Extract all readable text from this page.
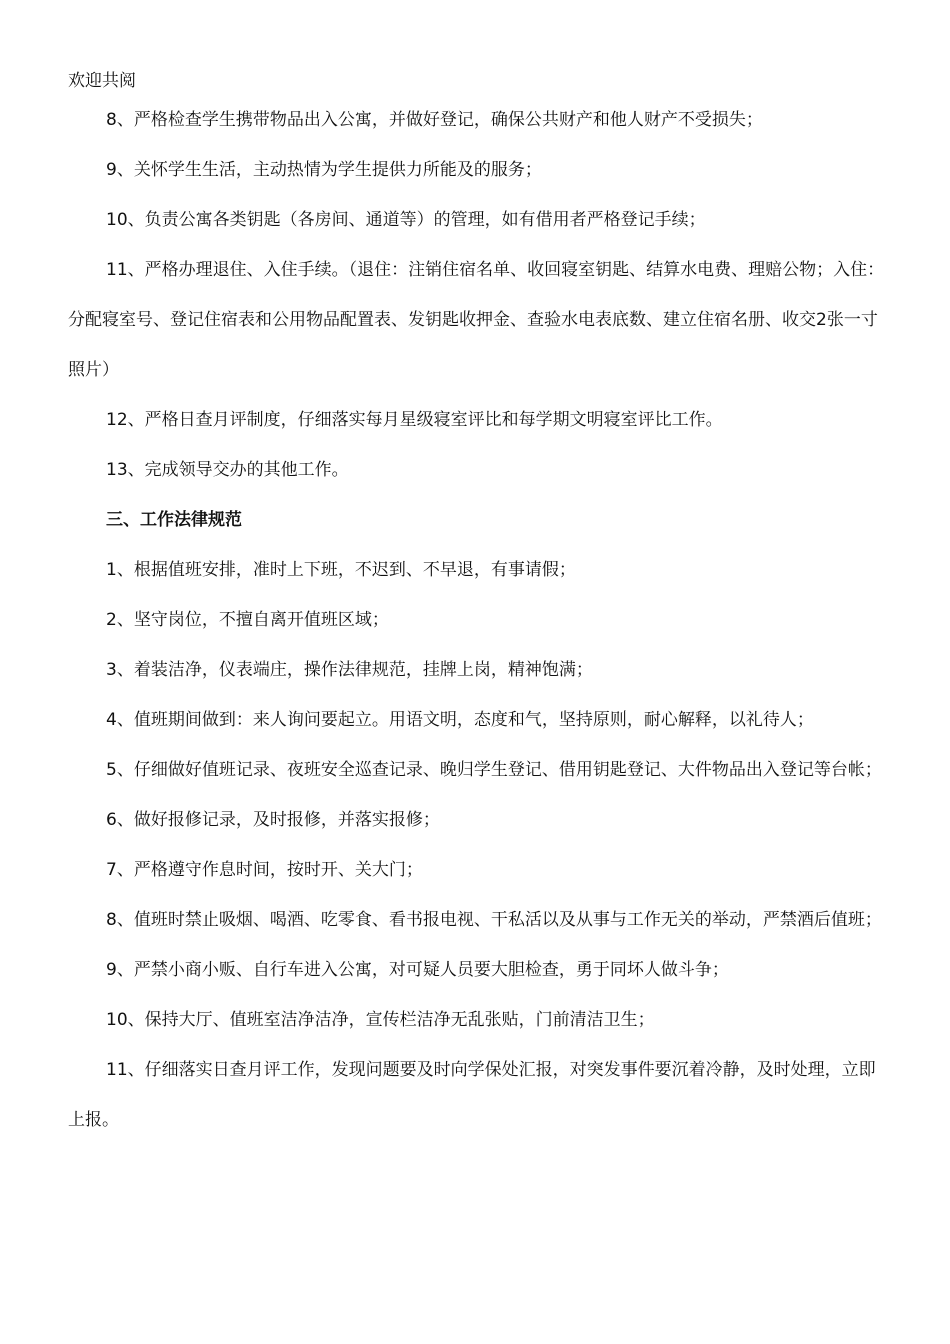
欢迎共阅

8、严格检查学生携带物品出入公寓，并做好登记，确保公共财产和他人财产不受损失；

9、关怀学生生活，主动热情为学生提供力所能及的服务；

10、负责公寓各类钥匙（各房间、通道等）的管理，如有借用者严格登记手续；

11、严格办理退住、入住手续。（退住：注销住宿名单、收回寝室钥匙、结算水电费、理赔公物；入住：分配寝室号、登记住宿表和公用物品配置表、发钥匙收押金、查验水电表底数、建立住宿名册、收交2张一寸照片）

12、严格日查月评制度，仔细落实每月星级寝室评比和每学期文明寝室评比工作。

13、完成领导交办的其他工作。

三、工作法律规范

1、根据值班安排，准时上下班，不迟到、不早退，有事请假；

2、坚守岗位，不擅自离开值班区域；

3、着装洁净，仪表端庄，操作法律规范，挂牌上岗，精神饱满；

4、值班期间做到：来人询问要起立。用语文明，态度和气，坚持原则，耐心解释，以礼待人；

5、仔细做好值班记录、夜班安全巡查记录、晚归学生登记、借用钥匙登记、大件物品出入登记等台帐；

6、做好报修记录，及时报修，并落实报修；

7、严格遵守作息时间，按时开、关大门；

8、值班时禁止吸烟、喝酒、吃零食、看书报电视、干私活以及从事与工作无关的举动，严禁酒后值班；

9、严禁小商小贩、自行车进入公寓，对可疑人员要大胆检查，勇于同坏人做斗争；

10、保持大厅、值班室洁净洁净，宣传栏洁净无乱张贴，门前清洁卫生；

11、仔细落实日查月评工作，发现问题要及时向学保处汇报，对突发事件要沉着冷静，及时处理，立即上报。
